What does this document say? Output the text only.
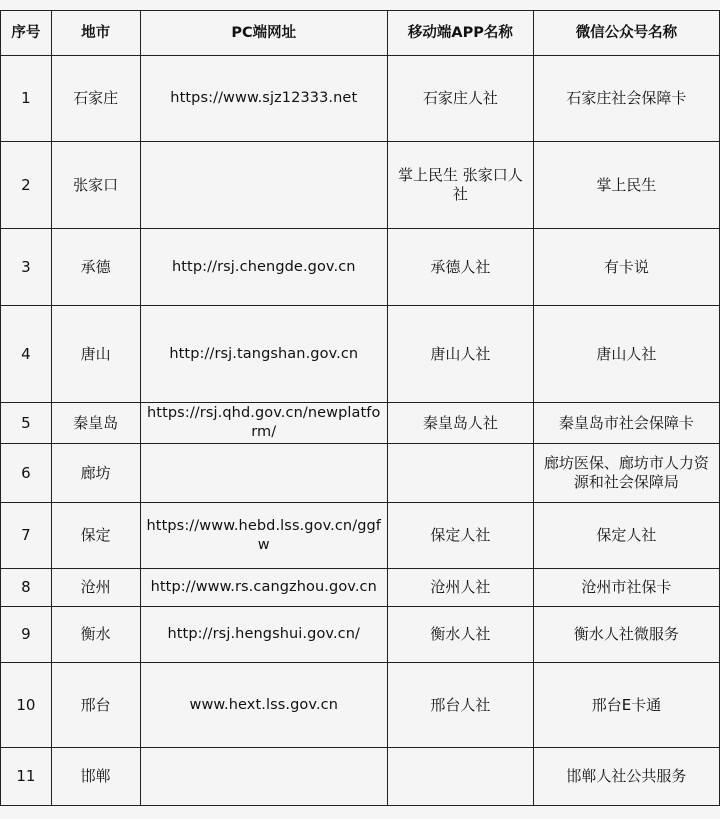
序号	地市	PC端网址	移动端APP名称	微信公众号名称
1	石家庄	https://www.sjz12333.net	石家庄人社	石家庄社会保障卡
2	张家口		掌上民生 张家口人社	掌上民生
3	承德	http://rsj.chengde.gov.cn	承德人社	有卡说
4	唐山	http://rsj.tangshan.gov.cn	唐山人社	唐山人社
5	秦皇岛	https://rsj.qhd.gov.cn/newplatform/	秦皇岛人社	秦皇岛市社会保障卡
6	廊坊			廊坊医保、廊坊市人力资源和社会保障局
7	保定	https://www.hebd.lss.gov.cn/ggfw	保定人社	保定人社
8	沧州	http://www.rs.cangzhou.gov.cn	沧州人社	沧州市社保卡
9	衡水	http://rsj.hengshui.gov.cn/	衡水人社	衡水人社微服务
10	邢台	www.hext.lss.gov.cn	邢台人社	邢台E卡通
11	邯郸			邯郸人社公共服务
